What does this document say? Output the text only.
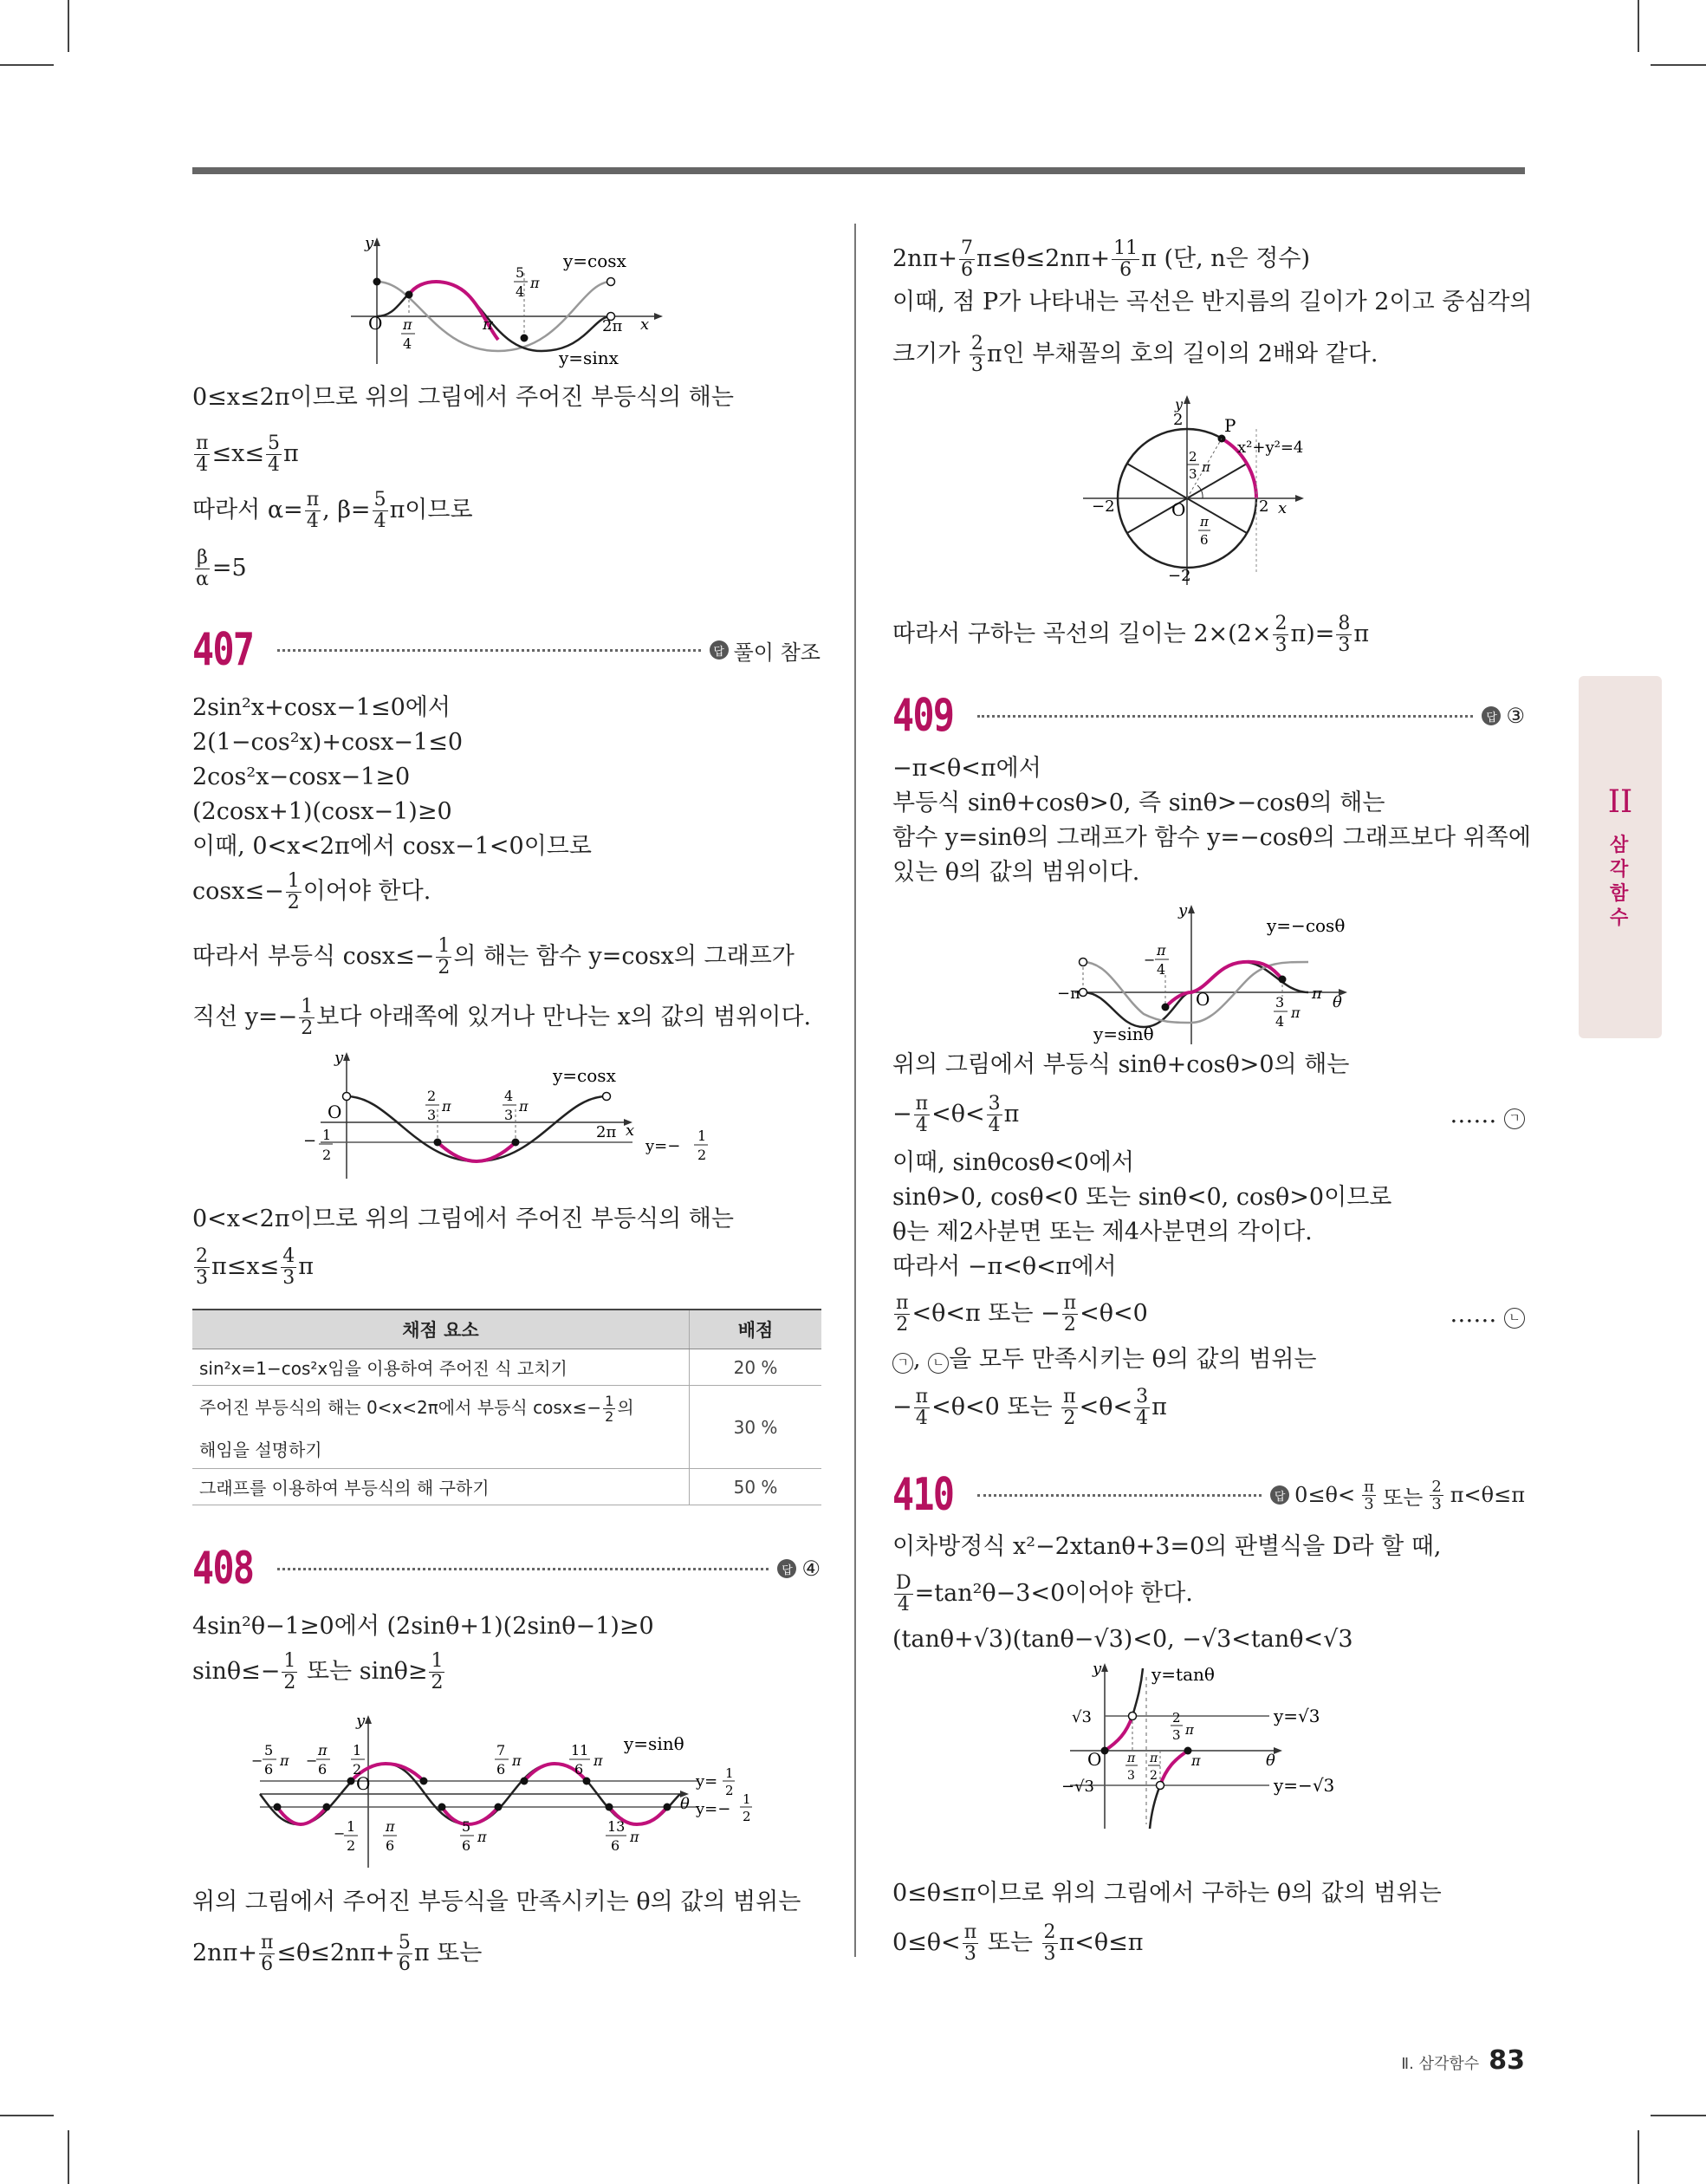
II
삼각함수
O
y
x
y=cosx
y=sinx
π
4
π	2π
5
4
π
0≤x≤2π이므로 위의 그림에서 주어진 부등식의 해는
$\frac{\pi}{4} \le x\le \frac{5}{4}$ π
따라서 $\alpha= \frac{\pi}{4}$ , $\beta= \frac{5}{4}$ π이므로
$\frac{\beta}{\alpha} =5$
407	답 풀이 참조
2sin²x+cosx−1≤0에서
2(1−cos²x)+cosx−1≤0
2cos²x−cosx−1≥0
(2cosx+1)(cosx−1)≥0
이때, 0<x<2π에서 cosx−1<0이므로
$\cos x\le- \frac{1}{2}$ 이어야 한다.
따라서 부등식 $\cos x\le- \frac{1}{2}$ 의 해는 함수 y=cosx의 그래프가
직선 $y=- \frac{1}{2}$ 보다 아래쪽에 있거나 만나는 x의 값의 범위이다.
O
y
x
y=cosx
− 1
2
2
3
π
4
3
π
2π
y=−
1
2
0<x<2π이므로 위의 그림에서 주어진 부등식의 해는
$\frac{2}{3} \pi\le x\le \frac{4}{3}$ π
채점 요소	배점
sin²x=1−cos²x임을 이용하여 주어진 식 고치기	20 %

주어진 부등식의 해는 0<x<2π에서 부등식 $\cos x\le- \frac{1}{2}$ 의
해임을 설명하기	30 %
그래프를 이용하여 부등식의 해 구하기	50 %
408	답 ④
4sin²θ−1≥0에서 (2sinθ+1)(2sinθ−1)≥0
$\sin\theta\le- \frac{1}{2}$ 또는 $\sin\theta\ge \frac{1}{2}$
O
y
θ
y=sinθ
−
5
6
π −
π
6
1
2
7
6
π
11
6
π
y= 1
2
y=−
1
2
− 1
2
π
6
5
6
π
13
6
π
위의 그림에서 주어진 부등식을 만족시키는 θ의 값의 범위는
$2n\pi+ \frac{\pi}{6} \le\theta\le 2n\pi+ \frac{5}{6}$ π 또는
$2n\pi+ \frac{7}{6} \pi\le\theta\le 2n\pi+ \frac{11}{6}$ π (단, n은 정수)
이때, 점 P가 나타내는 곡선은 반지름의 길이가 2이고 중심각의
크기가 $\frac{2}{3}$ π인 부채꼴의 호의 길이의 2배와 같다.
P
x²+y²=4
2
−2
−2	2
O
y
x
2
3 π
π
6
따라서 구하는 곡선의 길이는 $2\times(2\times \frac{2}{3} \pi)= \frac{8}{3}$ π
409	답 ③
−π<θ<π에서
부등식 sinθ+cosθ>0, 즉 sinθ>−cosθ의 해는
함수 y=sinθ의 그래프가 함수 y=−cosθ의 그래프보다 위쪽에
있는 θ의 값의 범위이다.
O
y
θ
y=−cosθ
y=sinθ
−π	π
−
π
4
3
4
π
위의 그림에서 부등식 sinθ+cosθ>0의 해는
− $\frac{\pi}{4} <\theta< \frac{3}{4}$ π	…… ㄱ
이때, sinθcosθ<0에서
sinθ>0, cosθ<0 또는 sinθ<0, cosθ>0이므로
θ는 제2사분면 또는 제4사분면의 각이다.
따라서 −π<θ<π에서
$\frac{\pi}{2} <\theta<\pi$ 또는 − $\frac{\pi}{2} <\theta<0$	…… ㄴ
ㄱ , ㄴ 을 모두 만족시키는 θ의 값의 범위는
− $\frac{\pi}{4} <\theta<0$ 또는 $\frac{\pi}{2} <\theta< \frac{3}{4}$ π
410	답 $0\le\theta< \frac{\pi}{3}$ 또는 $\frac{2}{3} \pi<\theta\le\pi$
이차방정식 x²−2xtanθ+3=0의 판별식을 D라 할 때,
$\frac{D}{4} =\tan^2\theta-3<0$이어야 한다.
(tanθ+√3)(tanθ−√3)<0, −√3<tanθ<√3
O
y
θ
y=tanθ
y=√3
y=−√3
√3
−√3
2
3 π
π
π
3
π
2
0≤θ≤π이므로 위의 그림에서 구하는 θ의 값의 범위는
$0\le\theta< \frac{\pi}{3}$ 또는 $\frac{2}{3} \pi<\theta\le\pi$
Ⅱ. 삼각함수 83
